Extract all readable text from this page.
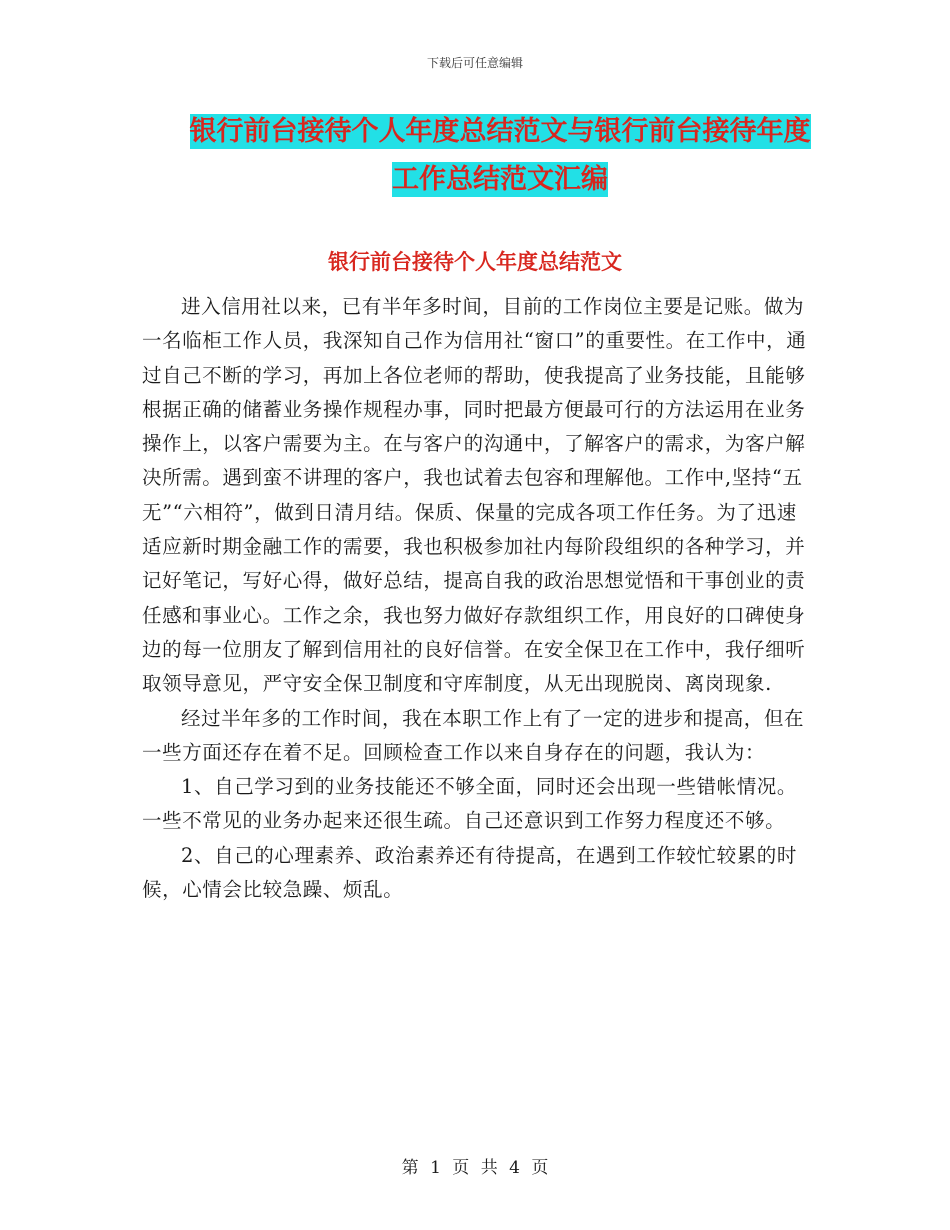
下载后可任意编辑
银行前台接待个人年度总结范文与银行前台接待年度
工作总结范文汇编
银行前台接待个人年度总结范文

进入信用社以来，已有半年多时间，目前的工作岗位主要是记账。做为一名临柜工作人员，我深知自己作为信用社“窗口”的重要性。在工作中，通过自己不断的学习，再加上各位老师的帮助，使我提高了业务技能，且能够根据正确的储蓄业务操作规程办事，同时把最方便最可行的方法运用在业务操作上，以客户需要为主。在与客户的沟通中，了解客户的需求，为客户解决所需。遇到蛮不讲理的客户，我也试着去包容和理解他。工作中,坚持“五无”“六相符”，做到日清月结。保质、保量的完成各项工作任务。为了迅速适应新时期金融工作的需要，我也积极参加社内每阶段组织的各种学习，并记好笔记，写好心得，做好总结，提高自我的政治思想觉悟和干事创业的责任感和事业心。工作之余，我也努力做好存款组织工作，用良好的口碑使身边的每一位朋友了解到信用社的良好信誉。在安全保卫在工作中，我仔细听取领导意见，严守安全保卫制度和守库制度，从无出现脱岗、离岗现象.

经过半年多的工作时间，我在本职工作上有了一定的进步和提高，但在一些方面还存在着不足。回顾检查工作以来自身存在的问题，我认为：

1、自己学习到的业务技能还不够全面，同时还会出现一些错帐情况。一些不常见的业务办起来还很生疏。自己还意识到工作努力程度还不够。

2、自己的心理素养、政治素养还有待提高，在遇到工作较忙较累的时候，心情会比较急躁、烦乱。

第 1 页 共 4 页
